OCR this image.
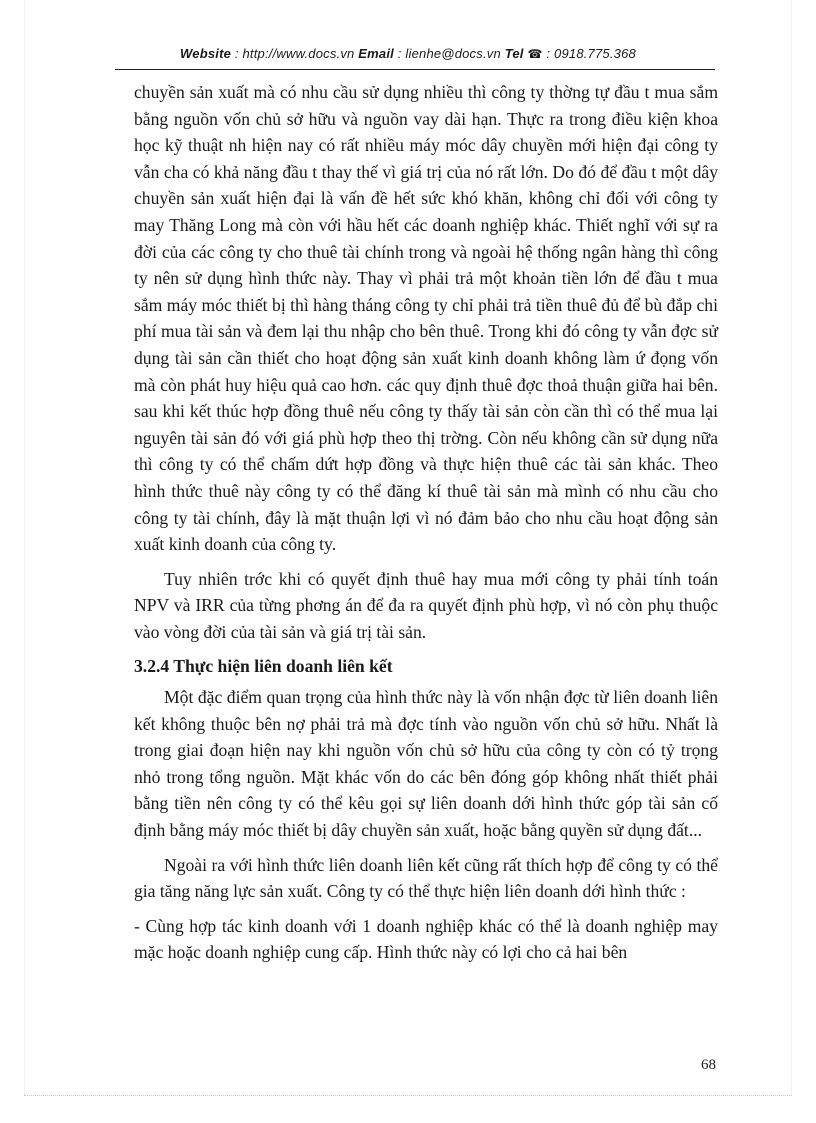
Website : http://www.docs.vn Email : lienhe@docs.vn Tel ☎ : 0918.775.368

chuyền sản xuất mà có nhu cầu sử dụng nhiều thì công ty thờng tự đầu t mua sắm bằng nguồn vốn chủ sở hữu và nguồn vay dài hạn. Thực ra trong điều kiện khoa học kỹ thuật nh hiện nay có rất nhiều máy móc dây chuyền mới hiện đại công ty vẫn cha có khả năng đầu t thay thế vì giá trị của nó rất lớn. Do đó để đầu t một dây chuyền sản xuất hiện đại là vấn đề hết sức khó khăn, không chỉ đối với công ty may Thăng Long mà còn với hầu hết các doanh nghiệp khác. Thiết nghĩ với sự ra đời của các công ty cho thuê tài chính trong và ngoài hệ thống ngân hàng thì công ty nên sử dụng hình thức này. Thay vì phải trả một khoản tiền lớn để đầu t mua sắm máy móc thiết bị thì hàng tháng công ty chỉ phải trả tiền thuê đủ để bù đắp chi phí mua tài sản và đem lại thu nhập cho bên thuê. Trong khi đó công ty vẫn đợc sử dụng tài sản cần thiết cho hoạt động sản xuất kinh doanh không làm ứ đọng vốn mà còn phát huy hiệu quả cao hơn. các quy định thuê đợc thoả thuận giữa hai bên. sau khi kết thúc hợp đồng thuê nếu công ty thấy tài sản còn cần thì có thể mua lại nguyên tài sản đó với giá phù hợp theo thị trờng. Còn nếu không cần sử dụng nữa thì công ty có thể chấm dứt hợp đồng và thực hiện thuê các tài sản khác. Theo hình thức thuê này công ty có thể đăng kí thuê tài sản mà mình có nhu cầu cho công ty tài chính, đây là mặt thuận lợi vì nó đảm bảo cho nhu cầu hoạt động sản xuất kinh doanh của công ty.

Tuy nhiên trớc khi có quyết định thuê hay mua mới công ty phải tính toán NPV và IRR của từng phơng án để đa ra quyết định phù hợp, vì nó còn phụ thuộc vào vòng đời của tài sản và giá trị tài sản.

3.2.4 Thực hiện liên doanh liên kết

Một đặc điểm quan trọng của hình thức này là vốn nhận đợc từ liên doanh liên kết không thuộc bên nợ phải trả mà đợc tính vào nguồn vốn chủ sở hữu. Nhất là trong giai đoạn hiện nay khi nguồn vốn chủ sở hữu của công ty còn có tỷ trọng nhỏ trong tổng nguồn. Mặt khác vốn do các bên đóng góp không nhất thiết phải bằng tiền nên công ty có thể kêu gọi sự liên doanh dới hình thức góp tài sản cố định bằng máy móc thiết bị dây chuyền sản xuất, hoặc bằng quyền sử dụng đất...

Ngoài ra với hình thức liên doanh liên kết cũng rất thích hợp để công ty có thể gia tăng năng lực sản xuất. Công ty có thể thực hiện liên doanh dới hình thức :

- Cùng hợp tác kinh doanh với 1 doanh nghiệp khác có thể là doanh nghiệp may mặc hoặc doanh nghiệp cung cấp. Hình thức này có lợi cho cả hai bên

68
